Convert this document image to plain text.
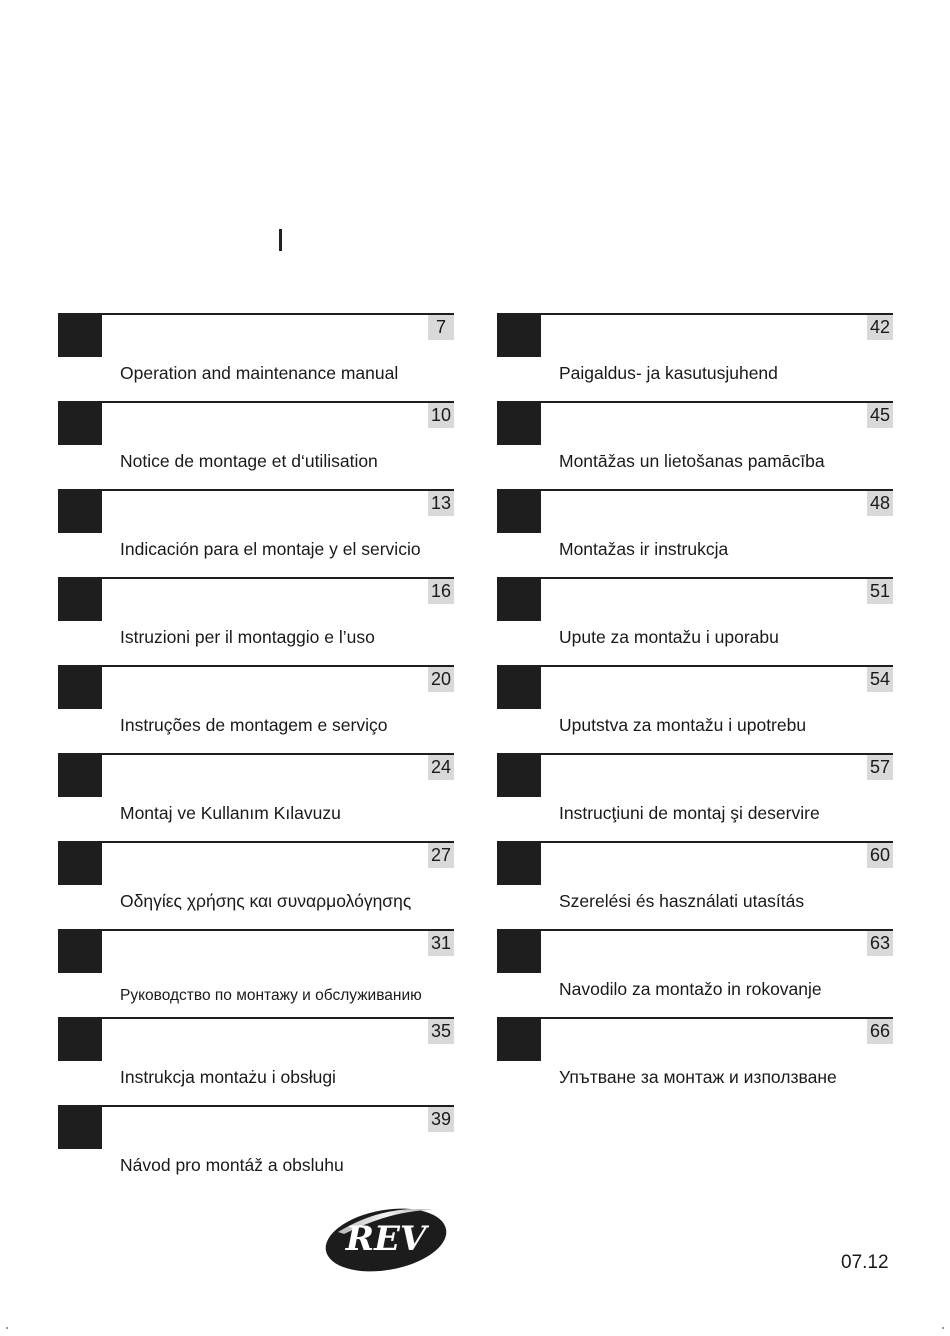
7
Operation and maintenance manual
10
Notice de montage et d‘utilisation
13
Indicación para el montaje y el servicio
16
Istruzioni per il montaggio e l’uso
20
Instruções de montagem e serviço
24
Montaj ve Kullanım Kılavuzu
27
Οδηγίες χρήσης και συναρμολόγησης
31
Руководство по монтажу и обслуживанию
35
Instrukcja montażu i obsługi
39
Návod pro montáž a obsluhu
42
Paigaldus- ja kasutusjuhend
45
Montāžas un lietošanas pamācība
48
Montažas ir instrukcja
51
Upute za montažu i uporabu
54
Uputstva za montažu i upotrebu
57
Instrucţiuni de montaj şi deservire
60
Szerelési és használati utasítás
63
Navodilo za montažo in rokovanje
66
Упътване за монтаж и използване
REV
07.12
